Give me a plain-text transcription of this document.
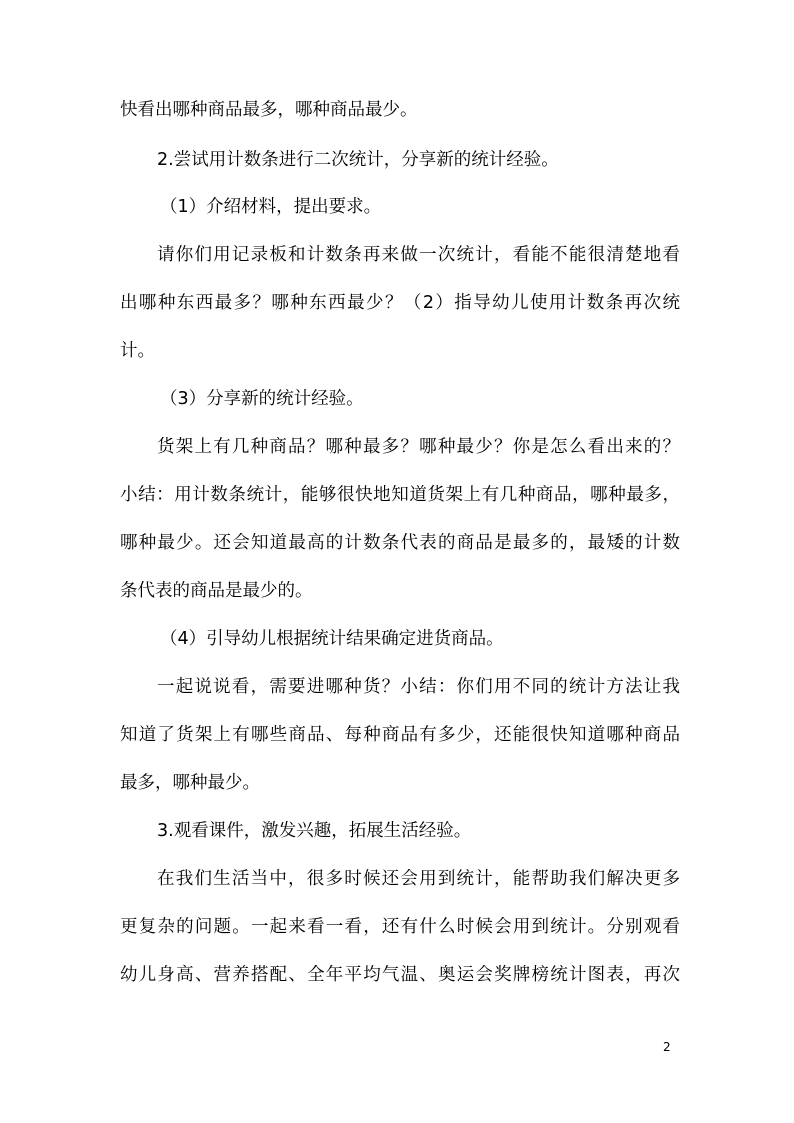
快看出哪种商品最多，哪种商品最少。
2.尝试用计数条进行二次统计，分享新的统计经验。
（1）介绍材料，提出要求。
请你们用记录板和计数条再来做一次统计，看能不能很清楚地看
出哪种东西最多？哪种东西最少？（2）指导幼儿使用计数条再次统
计。
（3）分享新的统计经验。
货架上有几种商品？哪种最多？哪种最少？你是怎么看出来的？
小结：用计数条统计，能够很快地知道货架上有几种商品，哪种最多，
哪种最少。还会知道最高的计数条代表的商品是最多的，最矮的计数
条代表的商品是最少的。
（4）引导幼儿根据统计结果确定进货商品。
一起说说看，需要进哪种货？小结：你们用不同的统计方法让我
知道了货架上有哪些商品、每种商品有多少，还能很快知道哪种商品
最多，哪种最少。
3.观看课件，激发兴趣，拓展生活经验。
在我们生活当中，很多时候还会用到统计，能帮助我们解决更多
更复杂的问题。一起来看一看，还有什么时候会用到统计。分别观看
幼儿身高、营养搭配、全年平均气温、奥运会奖牌榜统计图表，再次
2
